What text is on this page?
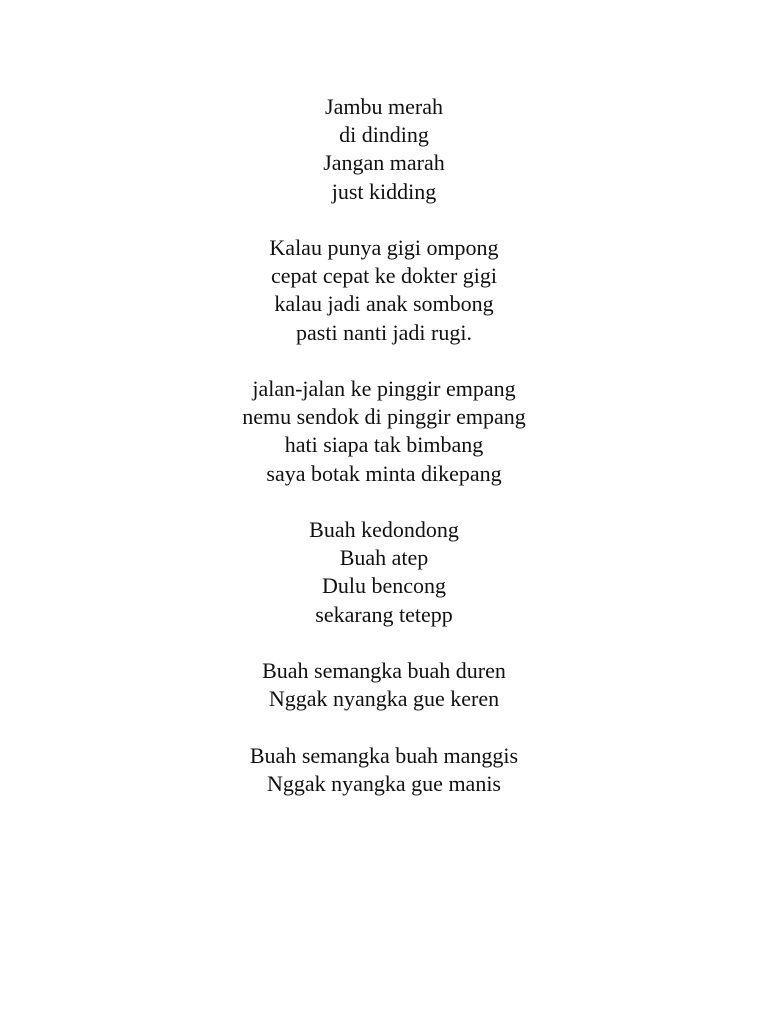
Jambu merah
di dinding
Jangan marah
just kidding
Kalau punya gigi ompong
cepat cepat ke dokter gigi
kalau jadi anak sombong
pasti nanti jadi rugi.
jalan-jalan ke pinggir empang
nemu sendok di pinggir empang
hati siapa tak bimbang
saya botak minta dikepang
Buah kedondong
Buah atep
Dulu bencong
sekarang tetepp
Buah semangka buah duren
Nggak nyangka gue keren
Buah semangka buah manggis
Nggak nyangka gue manis
